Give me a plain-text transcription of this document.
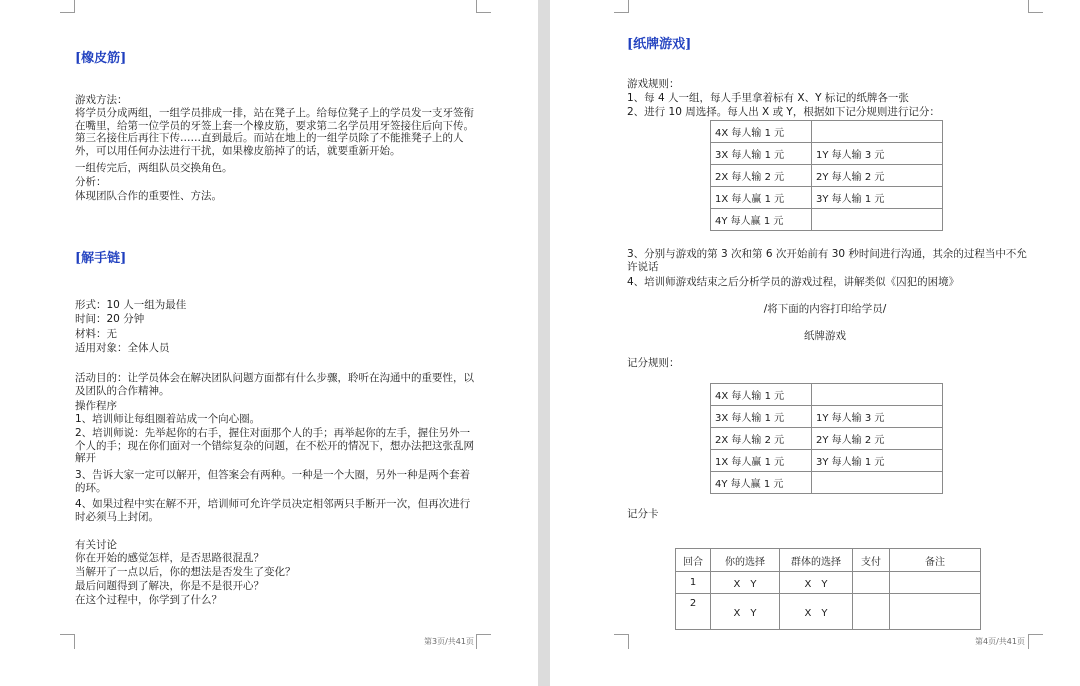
[橡皮筋]
游戏方法：
将学员分成两组，一组学员排成一排，站在凳子上。给每位凳子上的学员发一支牙签衔在嘴里，给第一位学员的牙签上套一个橡皮筋，要求第二名学员用牙签接住后向下传。第三名接住后再往下传……直到最后。而站在地上的一组学员除了不能推凳子上的人外，可以用任何办法进行干扰，如果橡皮筋掉了的话，就要重新开始。
一组传完后，两组队员交换角色。
分析：
体现团队合作的重要性、方法。
[解手链]
形式：10 人一组为最佳
时间：20 分钟
材料：无
适用对象：全体人员
活动目的：让学员体会在解决团队问题方面都有什么步骤，聆听在沟通中的重要性，以及团队的合作精神。
操作程序
1、培训师让每组圈着站成一个向心圈。
2、培训师说：先举起你的右手，握住对面那个人的手；再举起你的左手，握住另外一个人的手；现在你们面对一个错综复杂的问题，在不松开的情况下，想办法把这张乱网解开
3、告诉大家一定可以解开，但答案会有两种。一种是一个大圈，另外一种是两个套着的环。
4、如果过程中实在解不开，培训师可允许学员决定相邻两只手断开一次，但再次进行时必须马上封闭。
有关讨论
你在开始的感觉怎样，是否思路很混乱？
当解开了一点以后，你的想法是否发生了变化？
最后问题得到了解决，你是不是很开心？
在这个过程中，你学到了什么？
第3页/共41页
[纸牌游戏]
游戏规则：
1、每 4 人一组，每人手里拿着标有 X、Y 标记的纸牌各一张
2、进行 10 周选择。每人出 X 或 Y，根据如下记分规则进行记分：
4X 每人输 1 元	
3X 每人输 1 元	1Y 每人输 3 元
2X 每人输 2 元	2Y 每人输 2 元
1X 每人赢 1 元	3Y 每人输 1 元
4Y 每人赢 1 元	
3、分别与游戏的第 3 次和第 6 次开始前有 30 秒时间进行沟通，其余的过程当中不允许说话
4、培训师游戏结束之后分析学员的游戏过程，讲解类似《囚犯的困境》
/将下面的内容打印给学员/
纸牌游戏
记分规则：
4X 每人输 1 元	
3X 每人输 1 元	1Y 每人输 3 元
2X 每人输 2 元	2Y 每人输 2 元
1X 每人赢 1 元	3Y 每人输 1 元
4Y 每人赢 1 元	
记分卡
回合	你的选择	群体的选择	支付	备注
1	X　Y	X　Y		
2	X　Y	X　Y		
第4页/共41页
